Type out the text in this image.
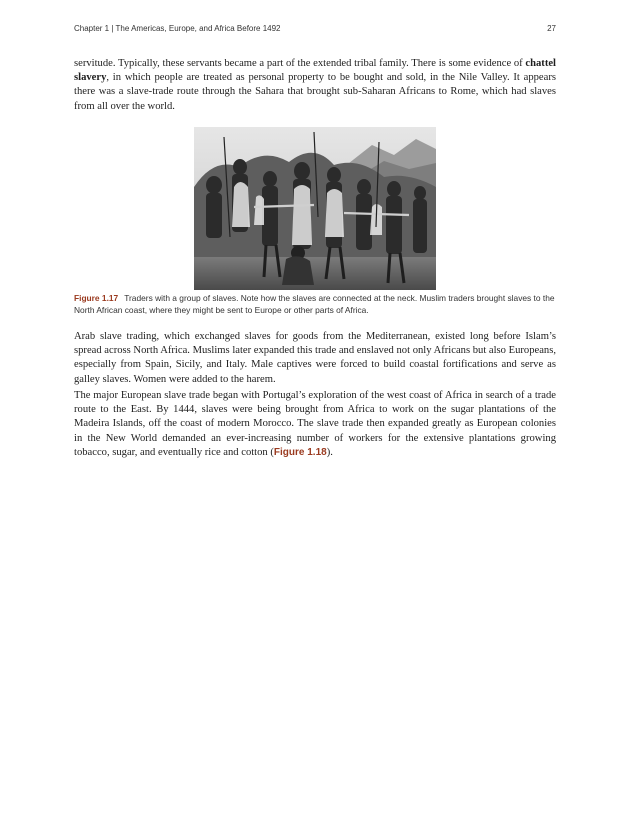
Chapter 1 | The Americas, Europe, and Africa Before 1492	27

servitude. Typically, these servants became a part of the extended tribal family. There is some evidence of chattel slavery, in which people are treated as personal property to be bought and sold, in the Nile Valley. It appears there was a slave-trade route through the Sahara that brought sub-Saharan Africans to Rome, which had slaves from all over the world.

Figure 1.17 Traders with a group of slaves. Note how the slaves are connected at the neck. Muslim traders brought slaves to the North African coast, where they might be sent to Europe or other parts of Africa.

Arab slave trading, which exchanged slaves for goods from the Mediterranean, existed long before Islam’s spread across North Africa. Muslims later expanded this trade and enslaved not only Africans but also Europeans, especially from Spain, Sicily, and Italy. Male captives were forced to build coastal fortifications and serve as galley slaves. Women were added to the harem.

The major European slave trade began with Portugal’s exploration of the west coast of Africa in search of a trade route to the East. By 1444, slaves were being brought from Africa to work on the sugar plantations of the Madeira Islands, off the coast of modern Morocco. The slave trade then expanded greatly as European colonies in the New World demanded an ever-increasing number of workers for the extensive plantations growing tobacco, sugar, and eventually rice and cotton (Figure 1.18).
